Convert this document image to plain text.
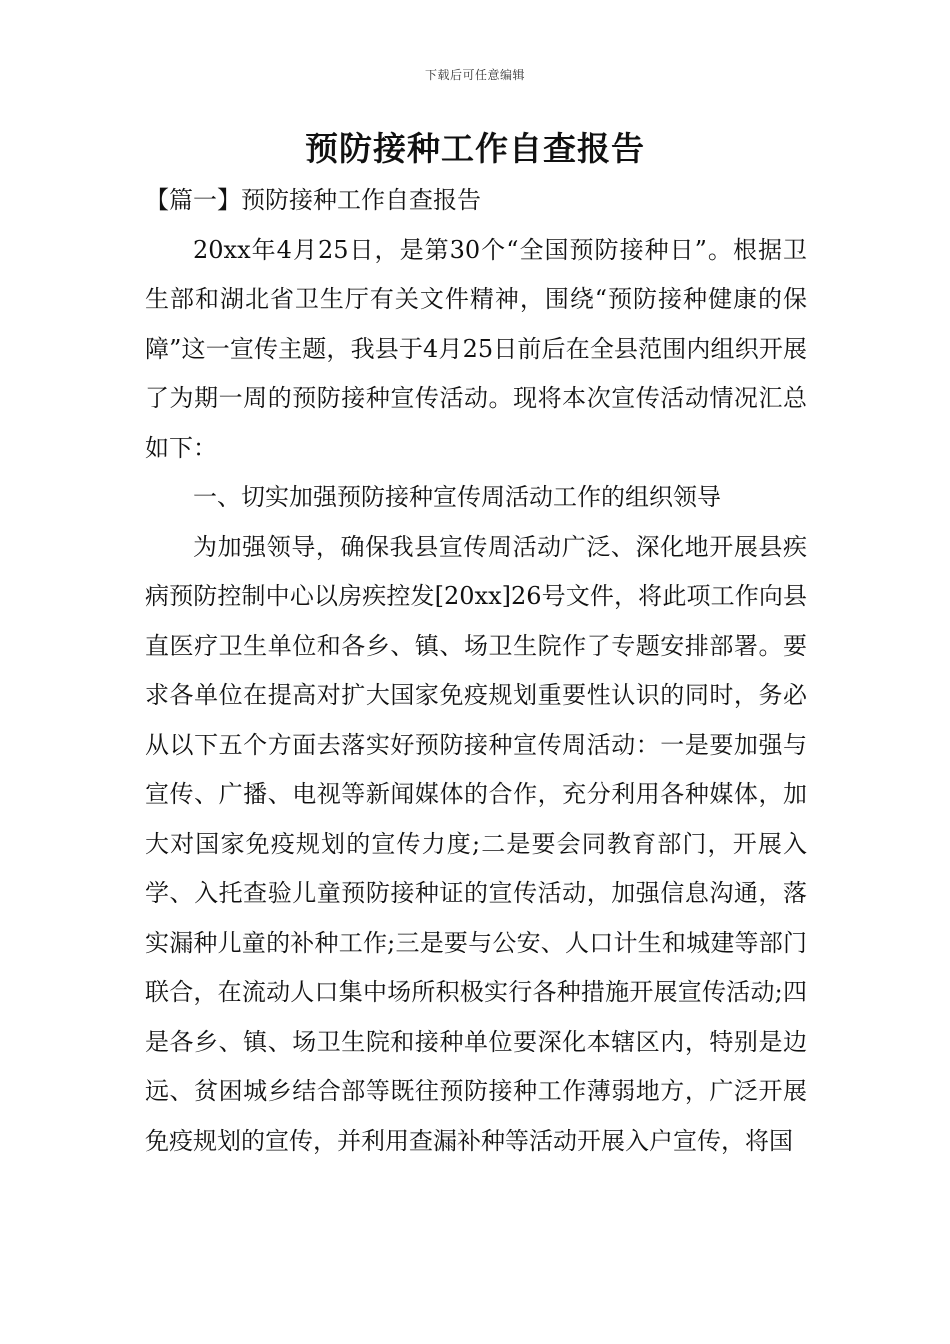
下载后可任意编辑
预防接种工作自查报告

【篇一】预防接种工作自查报告

20xx年4月25日，是第30个“全国预防接种日”。根据卫生部和湖北省卫生厅有关文件精神，围绕“预防接种健康的保障”这一宣传主题，我县于4月25日前后在全县范围内组织开展了为期一周的预防接种宣传活动。现将本次宣传活动情况汇总如下：

一、切实加强预防接种宣传周活动工作的组织领导

为加强领导，确保我县宣传周活动广泛、深化地开展县疾病预防控制中心以房疾控发[20xx]26号文件，将此项工作向县直医疗卫生单位和各乡、镇、场卫生院作了专题安排部署。要求各单位在提高对扩大国家免疫规划重要性认识的同时，务必从以下五个方面去落实好预防接种宣传周活动：一是要加强与宣传、广播、电视等新闻媒体的合作，充分利用各种媒体，加大对国家免疫规划的宣传力度;二是要会同教育部门，开展入学、入托查验儿童预防接种证的宣传活动，加强信息沟通，落实漏种儿童的补种工作;三是要与公安、人口计生和城建等部门联合，在流动人口集中场所积极实行各种措施开展宣传活动;四是各乡、镇、场卫生院和接种单位要深化本辖区内，特别是边远、贫困城乡结合部等既往预防接种工作薄弱地方，广泛开展免疫规划的宣传，并利用查漏补种等活动开展入户宣传，将国
